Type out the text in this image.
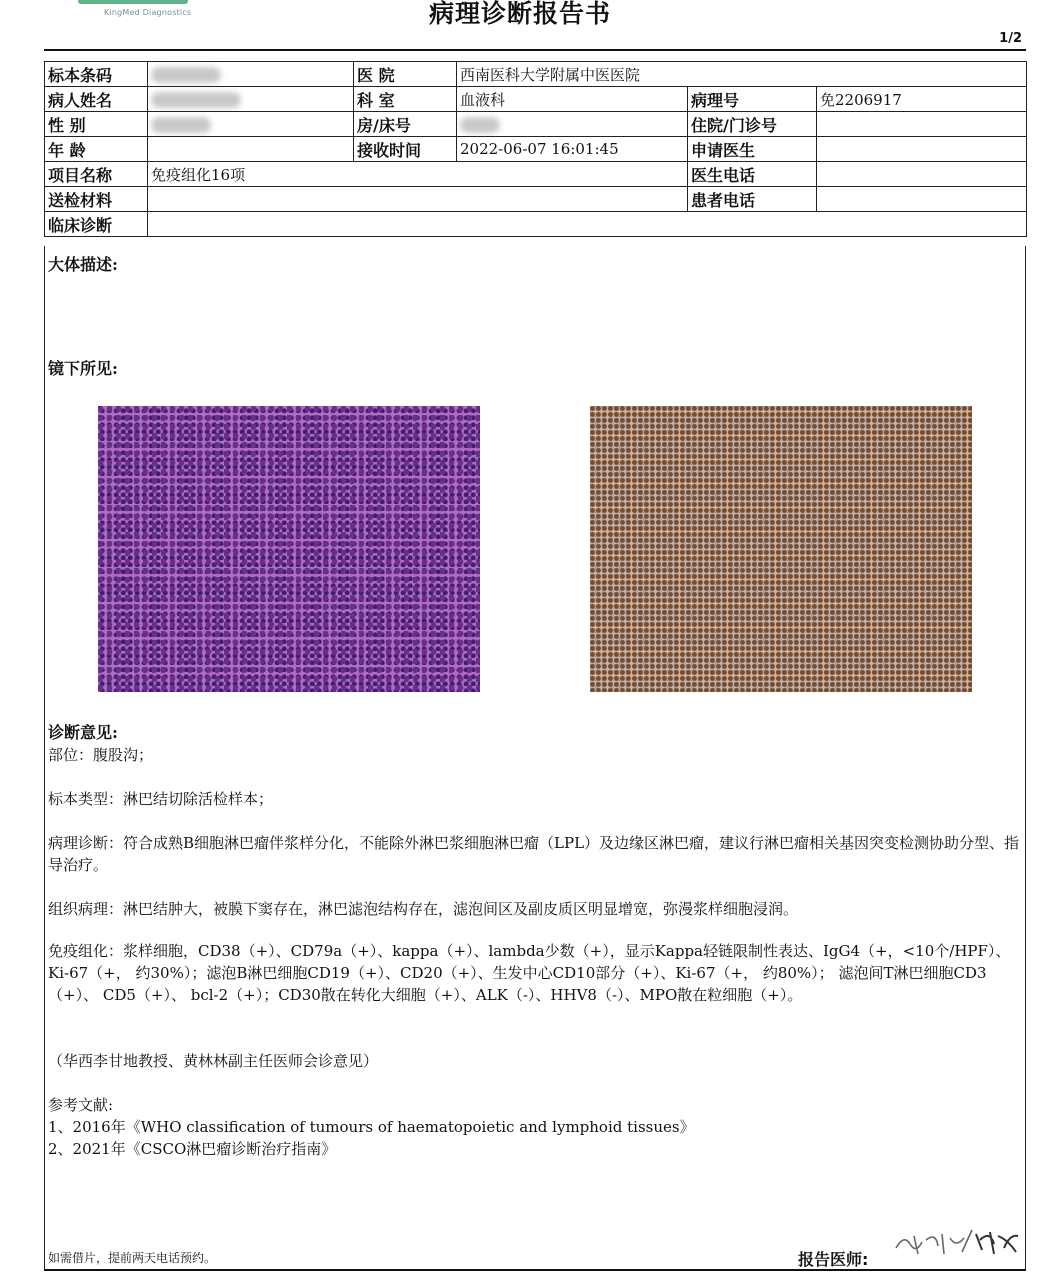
KingMed Diagnostics	病理诊断报告书
1/2
标本条码		医 院	西南医科大学附属中医医院		
病人姓名		科 室	血液科	病理号	免2206917
性 别		房/床号		住院/门诊号	
年 龄		接收时间	2022-06-07 16:01:45	申请医生	
项目名称	免疫组化16项			医生电话	
送检材料				患者电话	
临床诊断					
大体描述:
镜下所见:
诊断意见:
部位：腹股沟；
标本类型：淋巴结切除活检样本；
病理诊断：符合成熟B细胞淋巴瘤伴浆样分化，不能除外淋巴浆细胞淋巴瘤（LPL）及边缘区淋巴瘤，建议行淋巴瘤相关基因突变检测协助分型、指导治疗。
组织病理：淋巴结肿大，被膜下窦存在，淋巴滤泡结构存在，滤泡间区及副皮质区明显增宽，弥漫浆样细胞浸润。
免疫组化：浆样细胞，CD38（+）、CD79a（+）、kappa（+）、lambda少数（+），显示Kappa轻链限制性表达、IgG4（+，<10个/HPF）、Ki-67（+， 约30%）；滤泡B淋巴细胞CD19（+）、CD20（+）、生发中心CD10部分（+）、Ki-67（+， 约80%）； 滤泡间T淋巴细胞CD3（+）、 CD5（+）、 bcl-2（+）；CD30散在转化大细胞（+）、ALK（-）、HHV8（-）、MPO散在粒细胞（+）。
（华西李甘地教授、黄林林副主任医师会诊意见）
参考文献:
1、2016年《WHO classification of tumours of haematopoietic and lymphoid tissues》
2、2021年《CSCO淋巴瘤诊断治疗指南》
如需借片，提前两天电话预约。	报告医师:
